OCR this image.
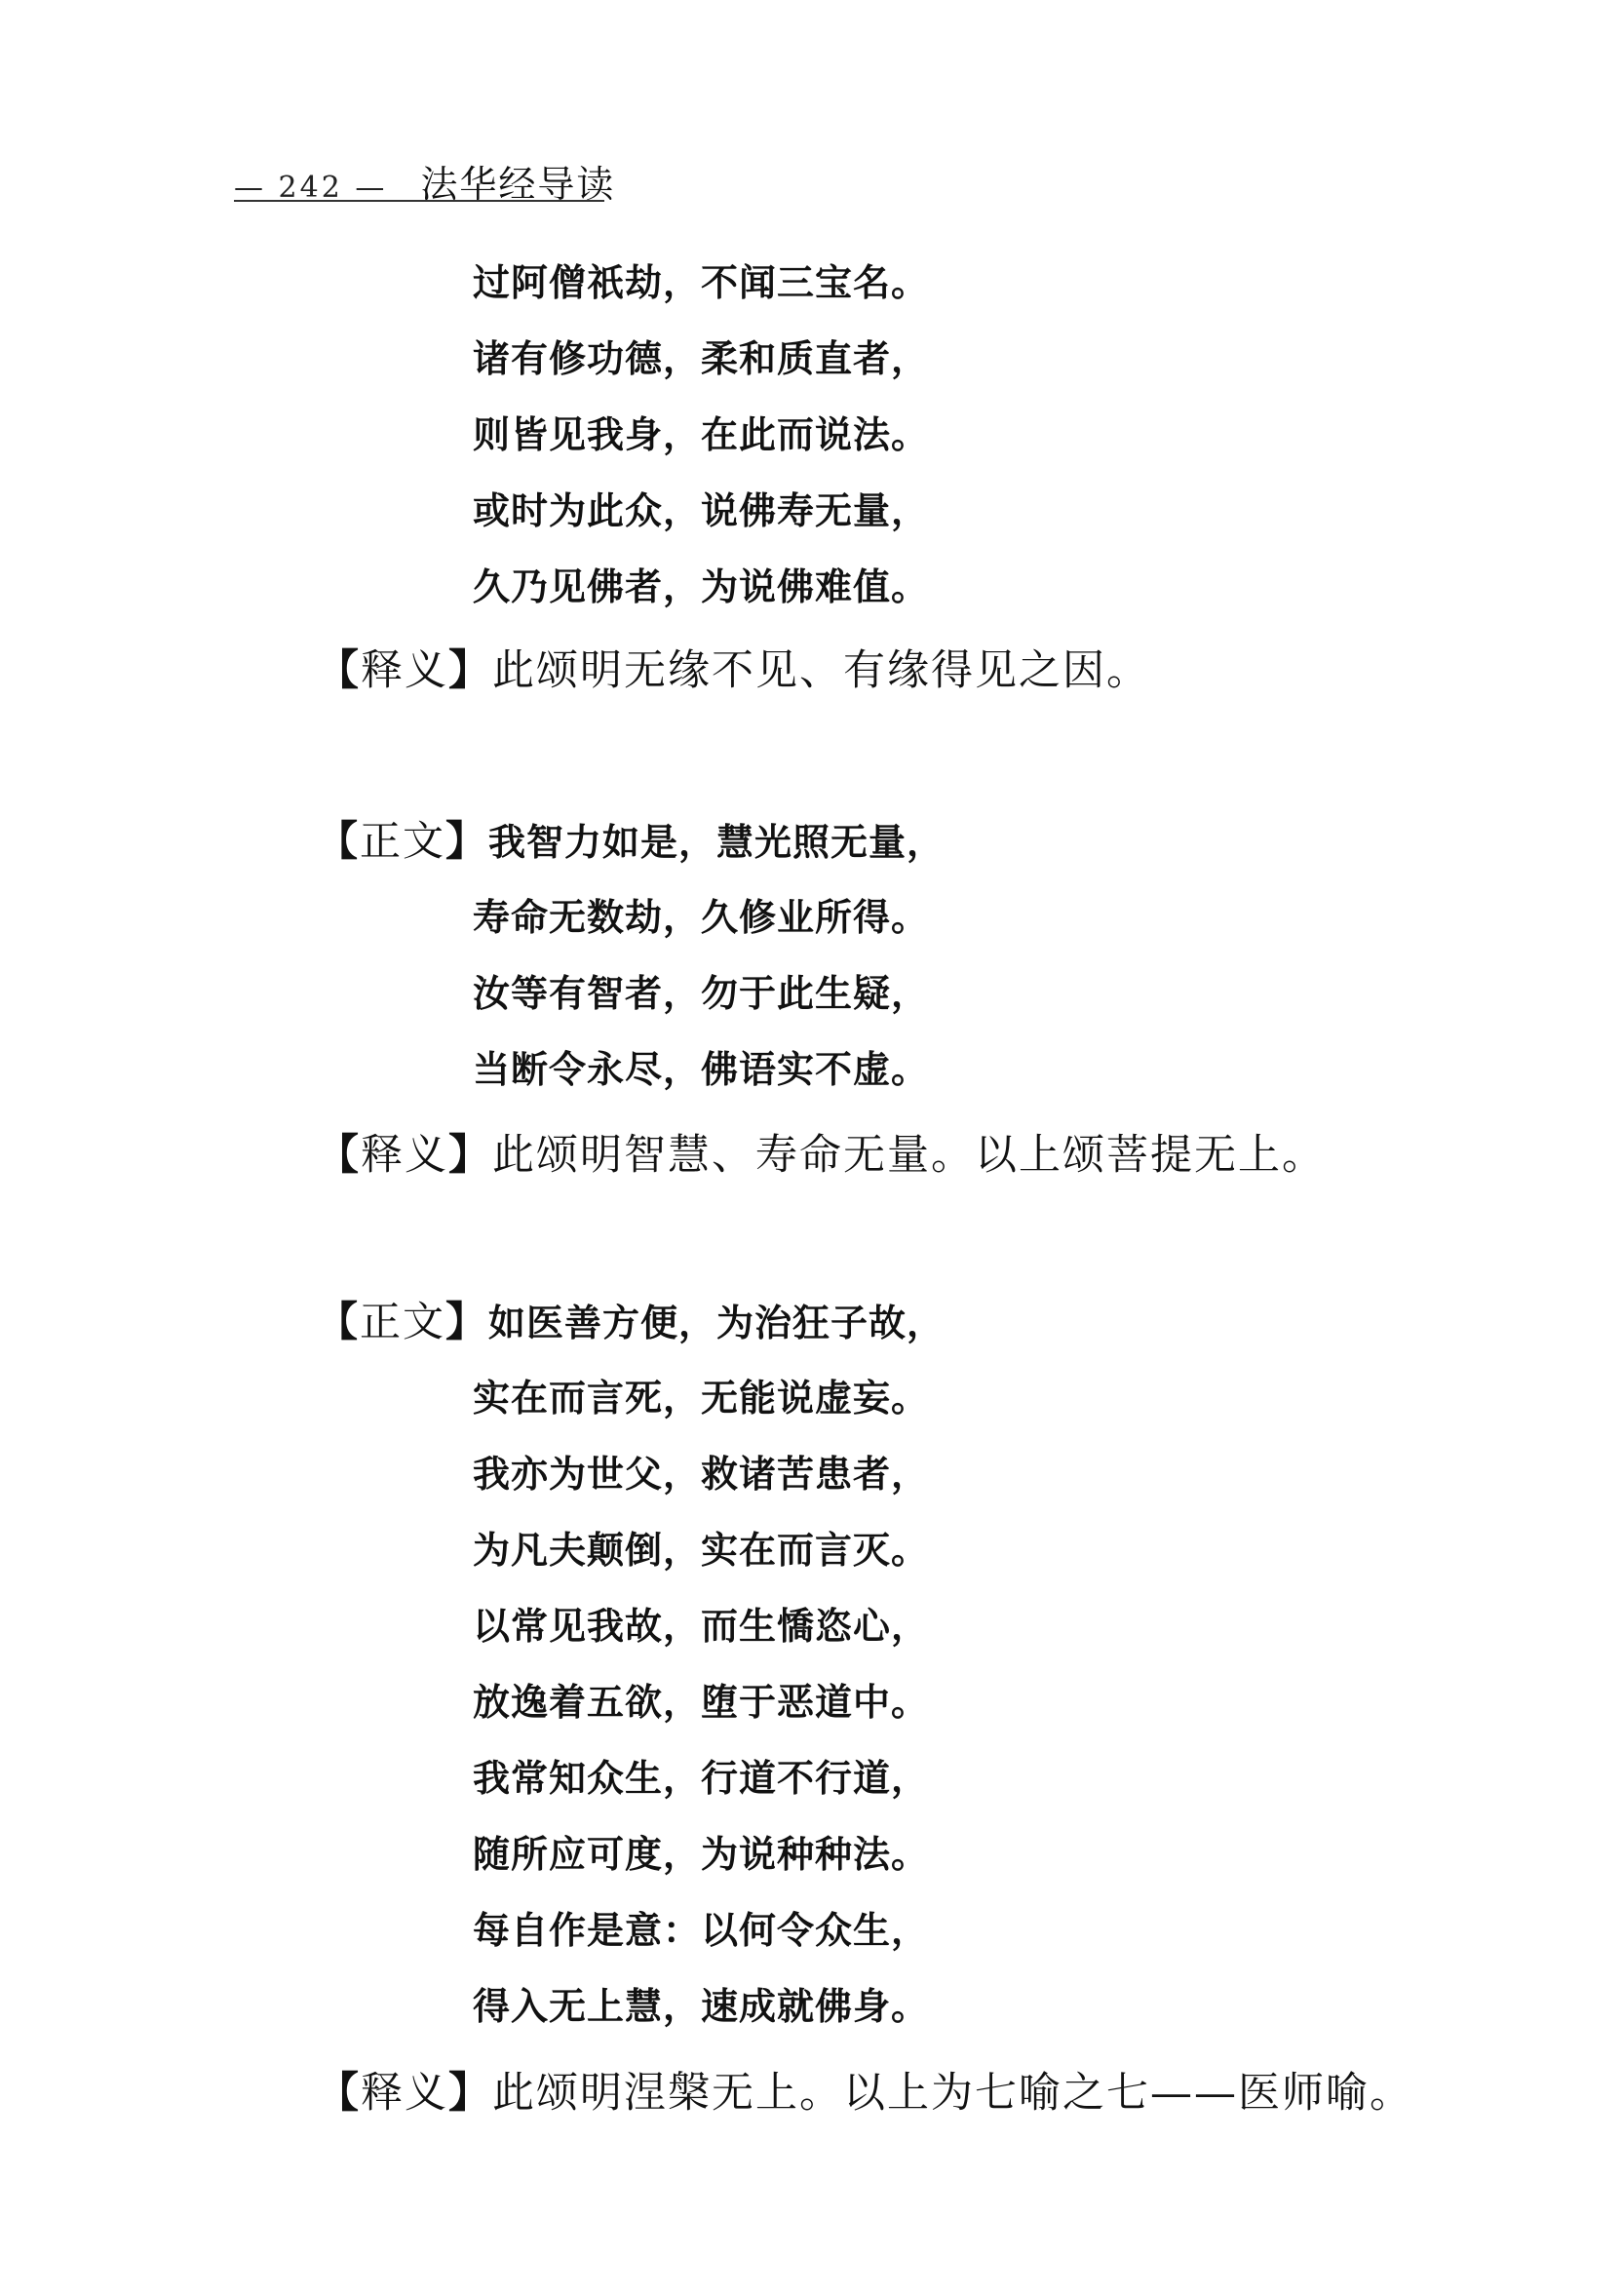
— 242 — 法华经导读
过阿僧祇劫，不闻三宝名。
诸有修功德，柔和质直者，
则皆见我身，在此而说法。
或时为此众，说佛寿无量，
久乃见佛者，为说佛难值。
【释义】此颂明无缘不见、有缘得见之因。
【正文】我智力如是，慧光照无量，
寿命无数劫，久修业所得。
汝等有智者，勿于此生疑，
当断令永尽，佛语实不虚。
【释义】此颂明智慧、寿命无量。以上颂菩提无上。
【正文】如医善方便，为治狂子故，
实在而言死，无能说虚妄。
我亦为世父，救诸苦患者，
为凡夫颠倒，实在而言灭。
以常见我故，而生憍恣心，
放逸着五欲，堕于恶道中。
我常知众生，行道不行道，
随所应可度，为说种种法。
每自作是意：以何令众生，
得入无上慧，速成就佛身。
【释义】此颂明涅槃无上。以上为七喻之七——医师喻。
